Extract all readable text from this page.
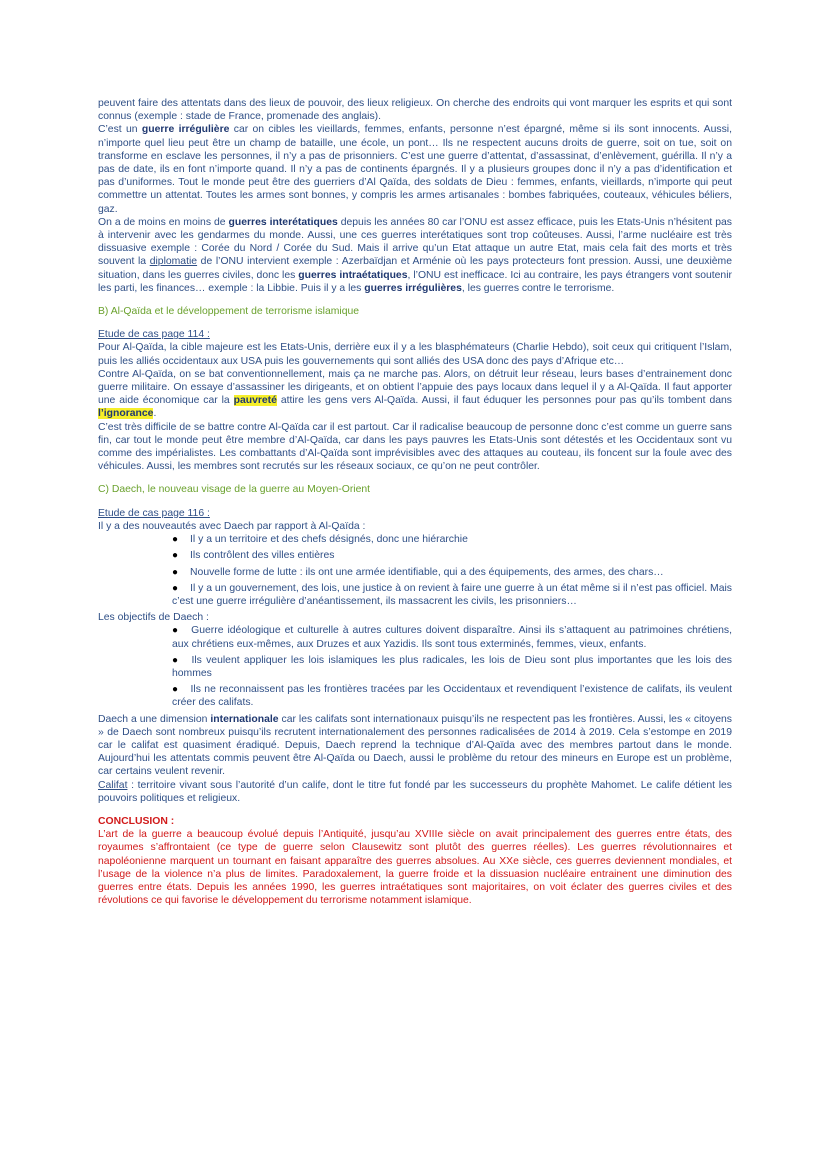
peuvent faire des attentats dans des lieux de pouvoir, des lieux religieux. On cherche des endroits qui vont marquer les esprits et qui sont connus (exemple : stade de France, promenade des anglais).

C’est un guerre irrégulière car on cibles les vieillards, femmes, enfants, personne n’est épargné, même si ils sont innocents. Aussi, n’importe quel lieu peut être un champ de bataille, une école, un pont… Ils ne respectent aucuns droits de guerre, soit on tue, soit on transforme en esclave les personnes, il n’y a pas de prisonniers. C’est une guerre d’attentat, d’assassinat, d’enlèvement, guérilla. Il n’y a pas de date, ils en font n’importe quand. Il n’y a pas de continents épargnés. Il y a plusieurs groupes donc il n’y a pas d’identification et pas d’uniformes. Tout le monde peut être des guerriers d’Al Qaïda, des soldats de Dieu : femmes, enfants, vieillards, n’importe qui peut commettre un attentat. Toutes les armes sont bonnes, y compris les armes artisanales : bombes fabriquées, couteaux, véhicules béliers, gaz.

On a de moins en moins de guerres interétatiques depuis les années 80 car l’ONU est assez efficace, puis les Etats-Unis n’hésitent pas à intervenir avec les gendarmes du monde. Aussi, une ces guerres interétatiques sont trop coûteuses. Aussi, l’arme nucléaire est très dissuasive exemple : Corée du Nord / Corée du Sud. Mais il arrive qu’un Etat attaque un autre Etat, mais cela fait des morts et très souvent la diplomatie de l’ONU intervient exemple : Azerbaïdjan et Arménie où les pays protecteurs font pression. Aussi, une deuxième situation, dans les guerres civiles, donc les guerres intraétatiques, l’ONU est inefficace. Ici au contraire, les pays étrangers vont soutenir les parti, les finances… exemple : la Libbie. Puis il y a les guerres irrégulières, les guerres contre le terrorisme.

B) Al-Qaïda et le développement de terrorisme islamique

Etude de cas page 114 :

Pour Al-Qaïda, la cible majeure est les Etats-Unis, derrière eux il y a les blasphémateurs (Charlie Hebdo), soit ceux qui critiquent l’Islam, puis les alliés occidentaux aux USA puis les gouvernements qui sont alliés des USA donc des pays d’Afrique etc…

Contre Al-Qaïda, on se bat conventionnellement, mais ça ne marche pas. Alors, on détruit leur réseau, leurs bases d’entrainement donc guerre militaire. On essaye d’assassiner les dirigeants, et on obtient l’appuie des pays locaux dans lequel il y a Al-Qaïda. Il faut apporter une aide économique car la pauvreté attire les gens vers Al-Qaïda. Aussi, il faut éduquer les personnes pour pas qu’ils tombent dans l’ignorance.

C’est très difficile de se battre contre Al-Qaïda car il est partout. Car il radicalise beaucoup de personne donc c’est comme un guerre sans fin, car tout le monde peut être membre d’Al-Qaïda, car dans les pays pauvres les Etats-Unis sont détestés et les Occidentaux sont vu comme des impérialistes. Les combattants d’Al-Qaïda sont imprévisibles avec des attaques au couteau, ils foncent sur la foule avec des véhicules. Aussi, les membres sont recrutés sur les réseaux sociaux, ce qu’on ne peut contrôler.

C) Daech, le nouveau visage de la guerre au Moyen-Orient

Etude de cas page 116 :

Il y a des nouveautés avec Daech par rapport à Al-Qaïda :

● Il y a un territoire et des chefs désignés, donc une hiérarchie
● Ils contrôlent des villes entières
● Nouvelle forme de lutte : ils ont une armée identifiable, qui a des équipements, des armes, des chars…
● Il y a un gouvernement, des lois, une justice à on revient à faire une guerre à un état même si il n’est pas officiel. Mais c’est une guerre irrégulière d’anéantissement, ils massacrent les civils, les prisonniers…

Les objectifs de Daech :

● Guerre idéologique et culturelle à autres cultures doivent disparaître. Ainsi ils s’attaquent au patrimoines chrétiens, aux chrétiens eux-mêmes, aux Druzes et aux Yazidis. Ils sont tous exterminés, femmes, vieux, enfants.
● Ils veulent appliquer les lois islamiques les plus radicales, les lois de Dieu sont plus importantes que les lois des hommes
● Ils ne reconnaissent pas les frontières tracées par les Occidentaux et revendiquent l’existence de califats, ils veulent créer des califats.

Daech a une dimension internationale car les califats sont internationaux puisqu’ils ne respectent pas les frontières. Aussi, les « citoyens » de Daech sont nombreux puisqu’ils recrutent internationalement des personnes radicalisées de 2014 à 2019. Cela s’estompe en 2019 car le califat est quasiment éradiqué. Depuis, Daech reprend la technique d’Al-Qaïda avec des membres partout dans le monde. Aujourd’hui les attentats commis peuvent être Al-Qaïda ou Daech, aussi le problème du retour des mineurs en Europe est un problème, car certains veulent revenir.

Califat : territoire vivant sous l’autorité d’un calife, dont le titre fut fondé par les successeurs du prophète Mahomet. Le calife détient les pouvoirs politiques et religieux.

CONCLUSION :

L’art de la guerre a beaucoup évolué depuis l’Antiquité, jusqu’au XVIIIe siècle on avait principalement des guerres entre états, des royaumes s’affrontaient (ce type de guerre selon Clausewitz sont plutôt des guerres réelles). Les guerres révolutionnaires et napoléonienne marquent un tournant en faisant apparaître des guerres absolues. Au XXe siècle, ces guerres deviennent mondiales, et l’usage de la violence n’a plus de limites. Paradoxalement, la guerre froide et la dissuasion nucléaire entrainent une diminution des guerres entre états. Depuis les années 1990, les guerres intraétatiques sont majoritaires, on voit éclater des guerres civiles et des révolutions ce qui favorise le développement du terrorisme notamment islamique.
